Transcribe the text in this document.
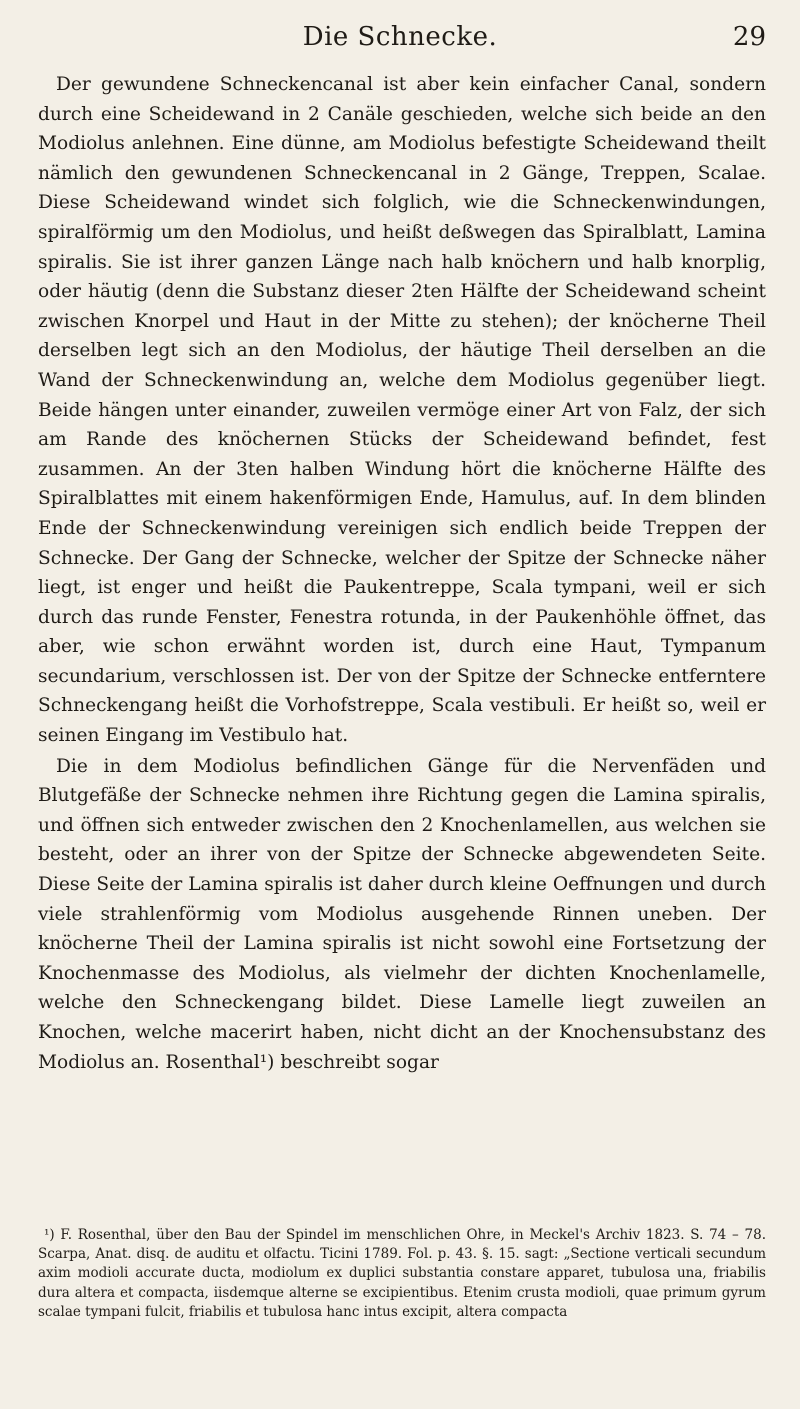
Die Schnecke.	29

Der gewundene Schneckencanal ist aber kein einfacher Canal, sondern durch eine Scheidewand in 2 Canäle geschieden, welche sich beide an den Modiolus anlehnen. Eine dünne, am Modiolus befestigte Scheidewand theilt nämlich den gewundenen Schneckencanal in 2 Gänge, Treppen, Scalae. Diese Scheidewand windet sich folglich, wie die Schneckenwindungen, spiralförmig um den Modiolus, und heißt deßwegen das Spiralblatt, Lamina spiralis. Sie ist ihrer ganzen Länge nach halb knöchern und halb knorplig, oder häutig (denn die Substanz dieser 2ten Hälfte der Scheidewand scheint zwischen Knorpel und Haut in der Mitte zu stehen); der knöcherne Theil derselben legt sich an den Modiolus, der häutige Theil derselben an die Wand der Schneckenwindung an, welche dem Modiolus gegenüber liegt. Beide hängen unter einander, zuweilen vermöge einer Art von Falz, der sich am Rande des knöchernen Stücks der Scheidewand befindet, fest zusammen. An der 3ten halben Windung hört die knöcherne Hälfte des Spiralblattes mit einem hakenförmigen Ende, Hamulus, auf. In dem blinden Ende der Schneckenwindung vereinigen sich endlich beide Treppen der Schnecke. Der Gang der Schnecke, welcher der Spitze der Schnecke näher liegt, ist enger und heißt die Paukentreppe, Scala tympani, weil er sich durch das runde Fenster, Fenestra rotunda, in der Paukenhöhle öffnet, das aber, wie schon erwähnt worden ist, durch eine Haut, Tympanum secundarium, verschlossen ist. Der von der Spitze der Schnecke entferntere Schneckengang heißt die Vorhofstreppe, Scala vestibuli. Er heißt so, weil er seinen Eingang im Vestibulo hat.

Die in dem Modiolus befindlichen Gänge für die Nervenfäden und Blutgefäße der Schnecke nehmen ihre Richtung gegen die Lamina spiralis, und öffnen sich entweder zwischen den 2 Knochenlamellen, aus welchen sie besteht, oder an ihrer von der Spitze der Schnecke abgewendeten Seite. Diese Seite der Lamina spiralis ist daher durch kleine Oeffnungen und durch viele strahlenförmig vom Modiolus ausgehende Rinnen uneben. Der knöcherne Theil der Lamina spiralis ist nicht sowohl eine Fortsetzung der Knochenmasse des Modiolus, als vielmehr der dichten Knochenlamelle, welche den Schneckengang bildet. Diese Lamelle liegt zuweilen an Knochen, welche macerirt haben, nicht dicht an der Knochensubstanz des Modiolus an. Rosenthal¹) beschreibt sogar

¹) F. Rosenthal, über den Bau der Spindel im menschlichen Ohre, in Meckel's Archiv 1823. S. 74 – 78. Scarpa, Anat. disq. de auditu et olfactu. Ticini 1789. Fol. p. 43. §. 15. sagt: „Sectione verticali secundum axim modioli accurate ducta, modiolum ex duplici substantia constare apparet, tubulosa una, friabilis dura altera et compacta, iisdemque alterne se excipientibus. Etenim crusta modioli, quae primum gyrum scalae tympani fulcit, friabilis et tubulosa hanc intus excipit, altera compacta
